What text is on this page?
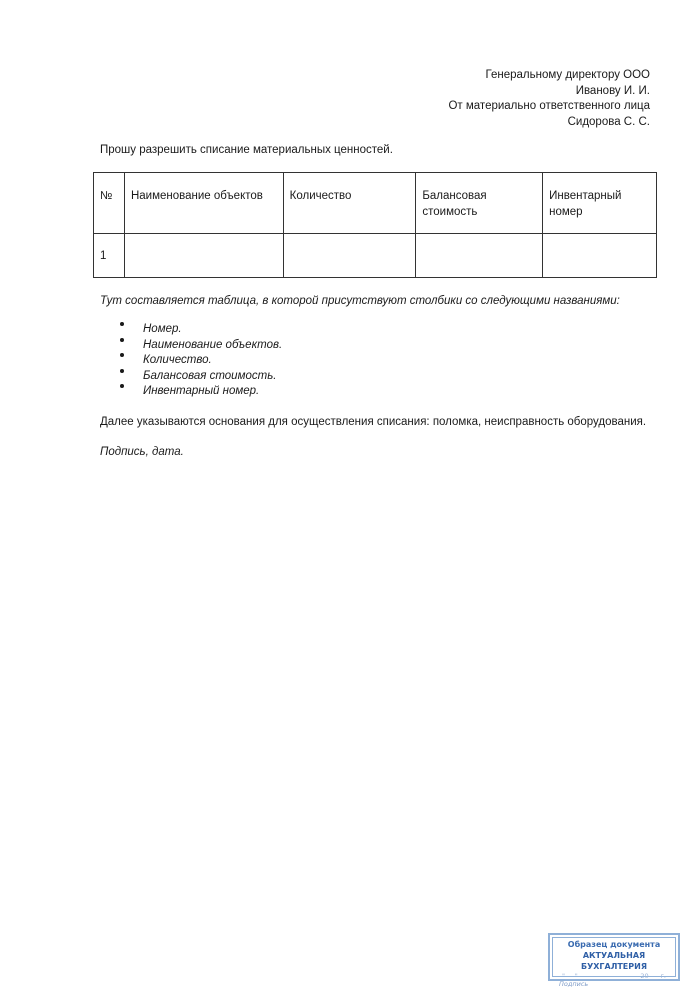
Генеральному директору ООО
Иванову И. И.
От материально ответственного лица
Сидорова С. С.
Прошу разрешить списание материальных ценностей.
№	Наименование объектов	Количество	Балансовая стоимость	Инвентарный номер
1				
Тут составляется таблица, в которой присутствуют столбики со следующими названиями:
Номер.
Наименование объектов.
Количество.
Балансовая стоимость.
Инвентарный номер.
Далее указываются основания для осуществления списания: поломка, неисправность оборудования.
Подпись, дата.
Образец документа
АКТУАЛЬНАЯ БУХГАЛТЕРИЯ
"___" __________________ 20___ г.
Подпись
